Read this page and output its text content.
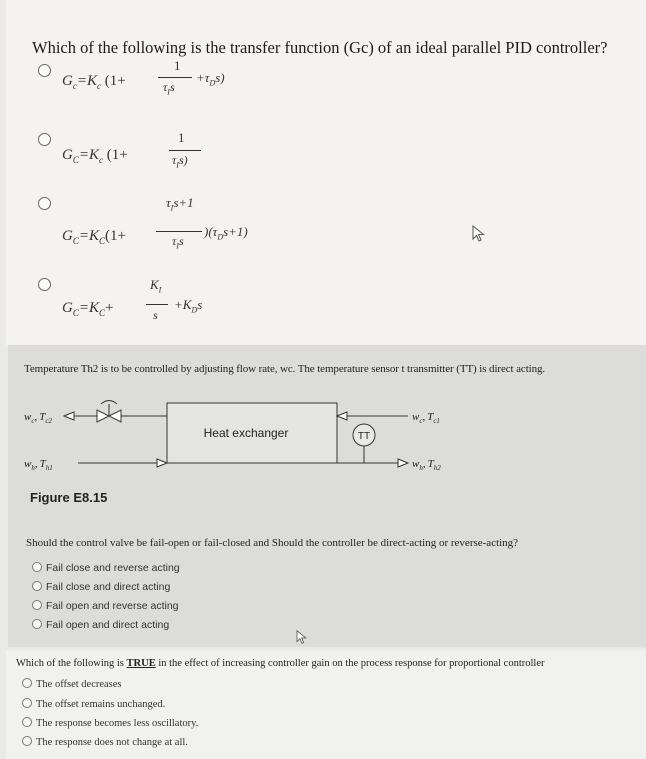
Which of the following is the transfer function (Gc) of an ideal parallel PID controller?
$G_c=K_c$ (1+
1
$\tau_Is$
$+\tau_Ds$)
$G_C=K_c$ (1+
1
$\tau_Is$)
$G_C=K_C(1+$
$\tau_Is+1$
$\tau_Is$
)$(\tau_Ds+1)$
$G_C=K_C+$
$K_I$
s
$+K_Ds$
Temperature Th2 is to be controlled by adjusting flow rate, wc. The temperature sensor t transmitter (TT) is direct acting.
TT
Heat exchanger
$w_c$, $T_{c2}$
$w_h$, $T_{h1}$
$w_c$, $T_{c1}$
$w_h$, $T_{h2}$
Figure E8.15
Should the control valve be fail-open or fail-closed and Should the controller be direct-acting or reverse-acting?
Fail close and reverse acting
Fail close and direct acting
Fail open and reverse acting
Fail open and direct acting
Which of the following is TRUE in the effect of increasing controller gain on the process response for proportional controller
The offset decreases
The offset remains unchanged.
The response becomes less oscillatory.
The response does not change at all.
